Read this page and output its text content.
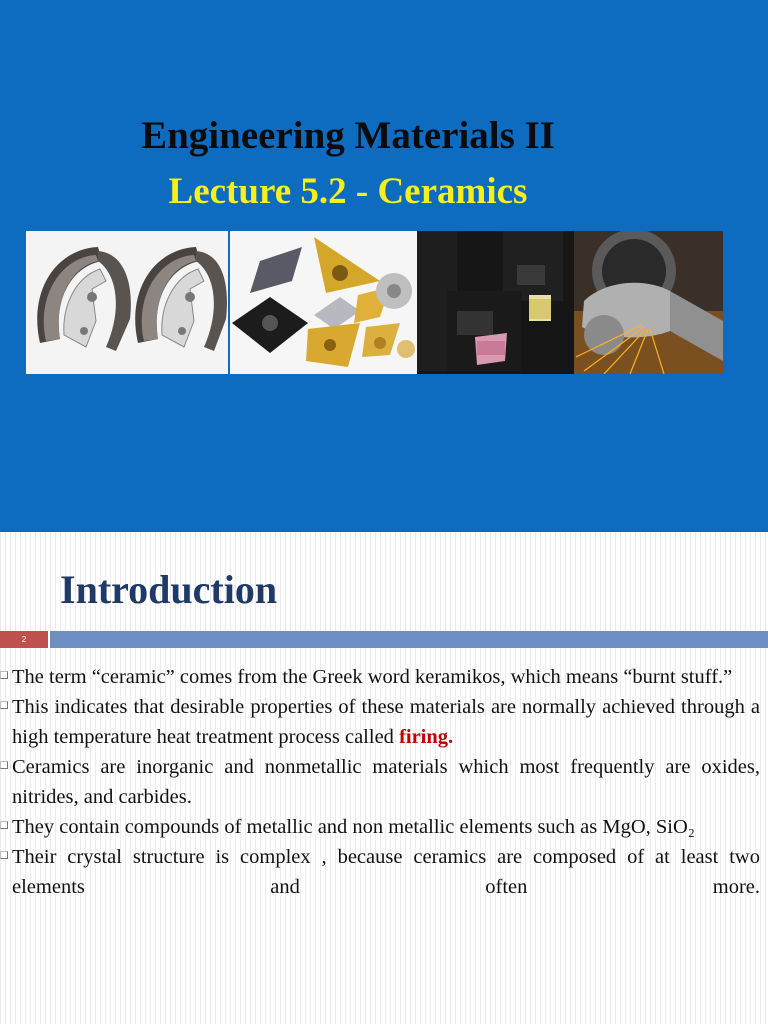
Engineering Materials II
Lecture 5.2 - Ceramics
Introduction
2
The term “ceramic” comes from the Greek word keramikos, which means “burnt stuff.”
This indicates that desirable properties of these materials are normally achieved through a high temperature heat treatment process called firing.
Ceramics are inorganic and nonmetallic materials which most frequently are oxides, nitrides, and carbides.
They contain compounds of metallic and non metallic elements such as MgO, SiO₂
Their crystal structure is complex , because ceramics are composed of at least two elements and often more.
